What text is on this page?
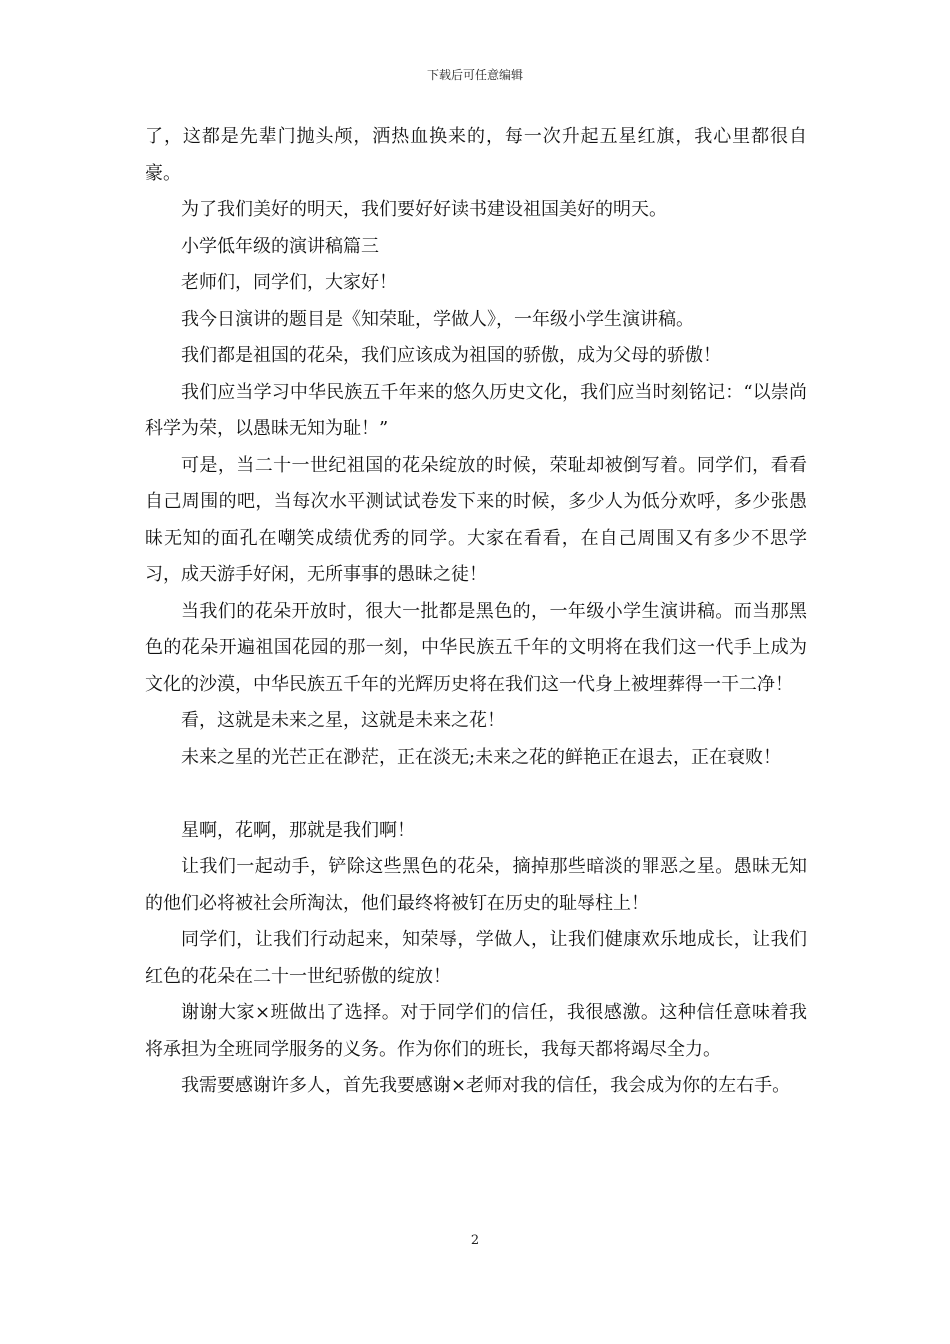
下载后可任意编辑

了，这都是先辈门抛头颅，洒热血换来的，每一次升起五星红旗，我心里都很自豪。

为了我们美好的明天，我们要好好读书建设祖国美好的明天。

小学低年级的演讲稿篇三

老师们，同学们，大家好！

我今日演讲的题目是《知荣耻，学做人》，一年级小学生演讲稿。

我们都是祖国的花朵，我们应该成为祖国的骄傲，成为父母的骄傲！

我们应当学习中华民族五千年来的悠久历史文化，我们应当时刻铭记：“以崇尚科学为荣，以愚昧无知为耻！”

可是，当二十一世纪祖国的花朵绽放的时候，荣耻却被倒写着。同学们，看看自己周围的吧，当每次水平测试试卷发下来的时候，多少人为低分欢呼，多少张愚昧无知的面孔在嘲笑成绩优秀的同学。大家在看看，在自己周围又有多少不思学习，成天游手好闲，无所事事的愚昧之徒！

当我们的花朵开放时，很大一批都是黑色的，一年级小学生演讲稿。而当那黑色的花朵开遍祖国花园的那一刻，中华民族五千年的文明将在我们这一代手上成为文化的沙漠，中华民族五千年的光辉历史将在我们这一代身上被埋葬得一干二净！

看，这就是未来之星，这就是未来之花！

未来之星的光芒正在渺茫，正在淡无;未来之花的鲜艳正在退去，正在衰败！

星啊，花啊，那就是我们啊！

让我们一起动手，铲除这些黑色的花朵，摘掉那些暗淡的罪恶之星。愚昧无知的他们必将被社会所淘汰，他们最终将被钉在历史的耻辱柱上！

同学们，让我们行动起来，知荣辱，学做人，让我们健康欢乐地成长，让我们红色的花朵在二十一世纪骄傲的绽放！

谢谢大家×班做出了选择。对于同学们的信任，我很感激。这种信任意味着我将承担为全班同学服务的义务。作为你们的班长，我每天都将竭尽全力。

我需要感谢许多人，首先我要感谢×老师对我的信任，我会成为你的左右手。

2
